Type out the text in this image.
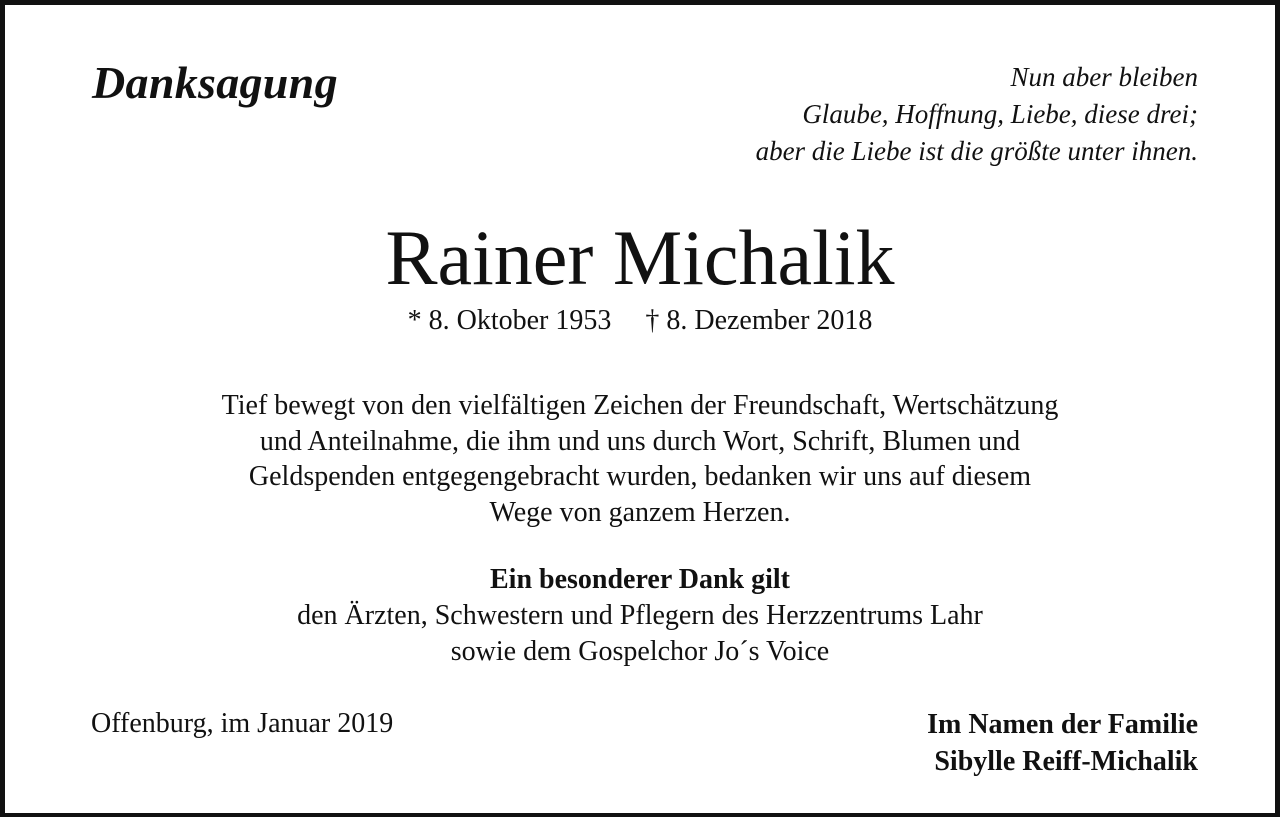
Danksagung	Nun aber bleiben
Glaube, Hoffnung, Liebe, diese drei;
aber die Liebe ist die größte unter ihnen.
Rainer Michalik
* 8. Oktober 1953 † 8. Dezember 2018
Tief bewegt von den vielfältigen Zeichen der Freundschaft, Wertschätzung
und Anteilnahme, die ihm und uns durch Wort, Schrift, Blumen und
Geldspenden entgegengebracht wurden, bedanken wir uns auf diesem
Wege von ganzem Herzen.
Ein besonderer Dank gilt
den Ärzten, Schwestern und Pflegern des Herzzentrums Lahr
sowie dem Gospelchor Jo´s Voice
Offenburg, im Januar 2019	Im Namen der Familie
Sibylle Reiff-Michalik
